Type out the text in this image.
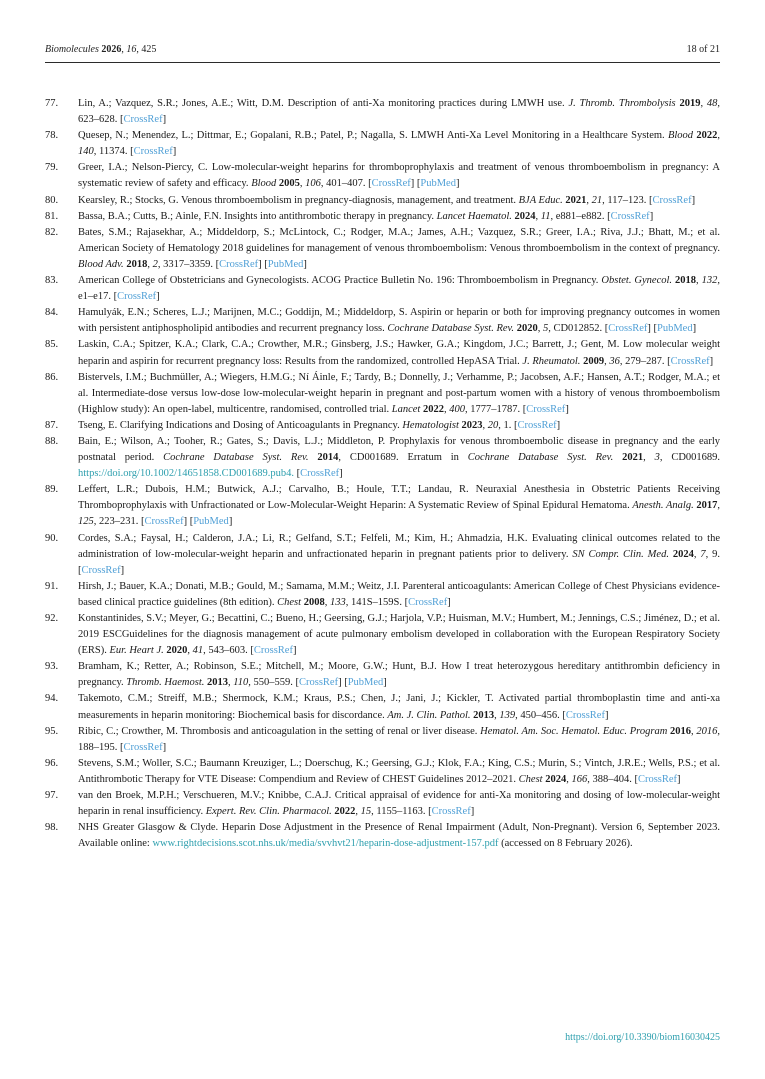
Biomolecules 2026, 16, 425	18 of 21
77.	Lin, A.; Vazquez, S.R.; Jones, A.E.; Witt, D.M. Description of anti-Xa monitoring practices during LMWH use. J. Thromb. Thrombolysis 2019, 48, 623–628. [CrossRef]

78.	Quesep, N.; Menendez, L.; Dittmar, E.; Gopalani, R.B.; Patel, P.; Nagalla, S. LMWH Anti-Xa Level Monitoring in a Healthcare System. Blood 2022, 140, 11374. [CrossRef]

79.	Greer, I.A.; Nelson-Piercy, C. Low-molecular-weight heparins for thromboprophylaxis and treatment of venous thromboembolism in pregnancy: A systematic review of safety and efficacy. Blood 2005, 106, 401–407. [CrossRef] [PubMed]

80.	Kearsley, R.; Stocks, G. Venous thromboembolism in pregnancy-diagnosis, management, and treatment. BJA Educ. 2021, 21, 117–123. [CrossRef]

81.	Bassa, B.A.; Cutts, B.; Ainle, F.N. Insights into antithrombotic therapy in pregnancy. Lancet Haematol. 2024, 11, e881–e882. [CrossRef]

82.	Bates, S.M.; Rajasekhar, A.; Middeldorp, S.; McLintock, C.; Rodger, M.A.; James, A.H.; Vazquez, S.R.; Greer, I.A.; Riva, J.J.; Bhatt, M.; et al. American Society of Hematology 2018 guidelines for management of venous thromboembolism: Venous thromboembolism in the context of pregnancy. Blood Adv. 2018, 2, 3317–3359. [CrossRef] [PubMed]

83.	American College of Obstetricians and Gynecologists. ACOG Practice Bulletin No. 196: Thromboembolism in Pregnancy. Obstet. Gynecol. 2018, 132, e1–e17. [CrossRef]

84.	Hamulyák, E.N.; Scheres, L.J.; Marijnen, M.C.; Goddijn, M.; Middeldorp, S. Aspirin or heparin or both for improving pregnancy outcomes in women with persistent antiphospholipid antibodies and recurrent pregnancy loss. Cochrane Database Syst. Rev. 2020, 5, CD012852. [CrossRef] [PubMed]

85.	Laskin, C.A.; Spitzer, K.A.; Clark, C.A.; Crowther, M.R.; Ginsberg, J.S.; Hawker, G.A.; Kingdom, J.C.; Barrett, J.; Gent, M. Low molecular weight heparin and aspirin for recurrent pregnancy loss: Results from the randomized, controlled HepASA Trial. J. Rheumatol. 2009, 36, 279–287. [CrossRef]

86.	Bistervels, I.M.; Buchmüller, A.; Wiegers, H.M.G.; Ní Áinle, F.; Tardy, B.; Donnelly, J.; Verhamme, P.; Jacobsen, A.F.; Hansen, A.T.; Rodger, M.A.; et al. Intermediate-dose versus low-dose low-molecular-weight heparin in pregnant and post-partum women with a history of venous thromboembolism (Highlow study): An open-label, multicentre, randomised, controlled trial. Lancet 2022, 400, 1777–1787. [CrossRef]

87.	Tseng, E. Clarifying Indications and Dosing of Anticoagulants in Pregnancy. Hematologist 2023, 20, 1. [CrossRef]

88.	Bain, E.; Wilson, A.; Tooher, R.; Gates, S.; Davis, L.J.; Middleton, P. Prophylaxis for venous thromboembolic disease in pregnancy and the early postnatal period. Cochrane Database Syst. Rev. 2014, CD001689. Erratum in Cochrane Database Syst. Rev. 2021, 3, CD001689. https://doi.org/10.1002/14651858.CD001689.pub4. [CrossRef]

89.	Leffert, L.R.; Dubois, H.M.; Butwick, A.J.; Carvalho, B.; Houle, T.T.; Landau, R. Neuraxial Anesthesia in Obstetric Patients Receiving Thromboprophylaxis with Unfractionated or Low-Molecular-Weight Heparin: A Systematic Review of Spinal Epidural Hematoma. Anesth. Analg. 2017, 125, 223–231. [CrossRef] [PubMed]

90.	Cordes, S.A.; Faysal, H.; Calderon, J.A.; Li, R.; Gelfand, S.T.; Felfeli, M.; Kim, H.; Ahmadzia, H.K. Evaluating clinical outcomes related to the administration of low-molecular-weight heparin and unfractionated heparin in pregnant patients prior to delivery. SN Compr. Clin. Med. 2024, 7, 9. [CrossRef]

91.	Hirsh, J.; Bauer, K.A.; Donati, M.B.; Gould, M.; Samama, M.M.; Weitz, J.I. Parenteral anticoagulants: American College of Chest Physicians evidence-based clinical practice guidelines (8th edition). Chest 2008, 133, 141S–159S. [CrossRef]

92.	Konstantinides, S.V.; Meyer, G.; Becattini, C.; Bueno, H.; Geersing, G.J.; Harjola, V.P.; Huisman, M.V.; Humbert, M.; Jennings, C.S.; Jiménez, D.; et al. 2019 ESCGuidelines for the diagnosis management of acute pulmonary embolism developed in collaboration with the European Respiratory Society (ERS). Eur. Heart J. 2020, 41, 543–603. [CrossRef]

93.	Bramham, K.; Retter, A.; Robinson, S.E.; Mitchell, M.; Moore, G.W.; Hunt, B.J. How I treat heterozygous hereditary antithrombin deficiency in pregnancy. Thromb. Haemost. 2013, 110, 550–559. [CrossRef] [PubMed]

94.	Takemoto, C.M.; Streiff, M.B.; Shermock, K.M.; Kraus, P.S.; Chen, J.; Jani, J.; Kickler, T. Activated partial thromboplastin time and anti-xa measurements in heparin monitoring: Biochemical basis for discordance. Am. J. Clin. Pathol. 2013, 139, 450–456. [CrossRef]

95.	Ribic, C.; Crowther, M. Thrombosis and anticoagulation in the setting of renal or liver disease. Hematol. Am. Soc. Hematol. Educ. Program 2016, 2016, 188–195. [CrossRef]

96.	Stevens, S.M.; Woller, S.C.; Baumann Kreuziger, L.; Doerschug, K.; Geersing, G.J.; Klok, F.A.; King, C.S.; Murin, S.; Vintch, J.R.E.; Wells, P.S.; et al. Antithrombotic Therapy for VTE Disease: Compendium and Review of CHEST Guidelines 2012–2021. Chest 2024, 166, 388–404. [CrossRef]

97.	van den Broek, M.P.H.; Verschueren, M.V.; Knibbe, C.A.J. Critical appraisal of evidence for anti-Xa monitoring and dosing of low-molecular-weight heparin in renal insufficiency. Expert. Rev. Clin. Pharmacol. 2022, 15, 1155–1163. [CrossRef]

98.	NHS Greater Glasgow & Clyde. Heparin Dose Adjustment in the Presence of Renal Impairment (Adult, Non-Pregnant). Version 6, September 2023. Available online: www.rightdecisions.scot.nhs.uk/media/svvhvt21/heparin-dose-adjustment-157.pdf (accessed on 8 February 2026).

https://doi.org/10.3390/biom16030425
